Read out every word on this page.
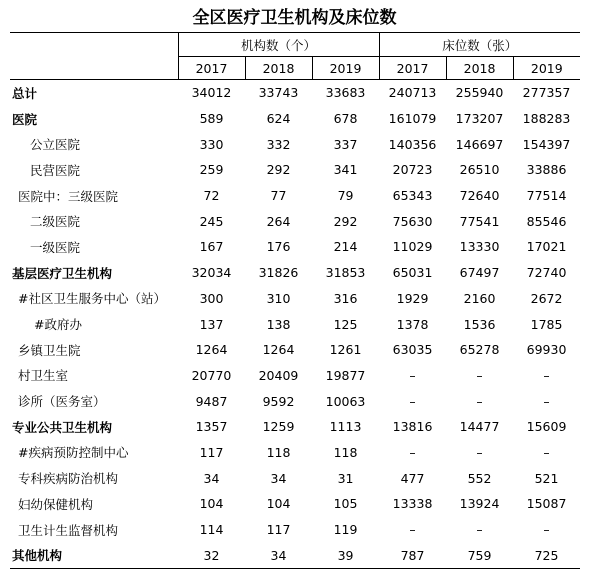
全区医疗卫生机构及床位数
	机构数（个）			床位数（张）		
	2017	2018	2019	2017	2018	2019
总计	34012	33743	33683	240713	255940	277357
医院	589	624	678	161079	173207	188283
公立医院	330	332	337	140356	146697	154397
民营医院	259	292	341	20723	26510	33886
医院中：三级医院	72	77	79	65343	72640	77514
二级医院	245	264	292	75630	77541	85546
一级医院	167	176	214	11029	13330	17021
基层医疗卫生机构	32034	31826	31853	65031	67497	72740
#社区卫生服务中心（站）	300	310	316	1929	2160	2672
#政府办	137	138	125	1378	1536	1785
乡镇卫生院	1264	1264	1261	63035	65278	69930
村卫生室	20770	20409	19877	–	–	–
诊所（医务室）	9487	9592	10063	–	–	–
专业公共卫生机构	1357	1259	1113	13816	14477	15609
#疾病预防控制中心	117	118	118	–	–	–
专科疾病防治机构	34	34	31	477	552	521
妇幼保健机构	104	104	105	13338	13924	15087
卫生计生监督机构	114	117	119	–	–	–
其他机构	32	34	39	787	759	725
